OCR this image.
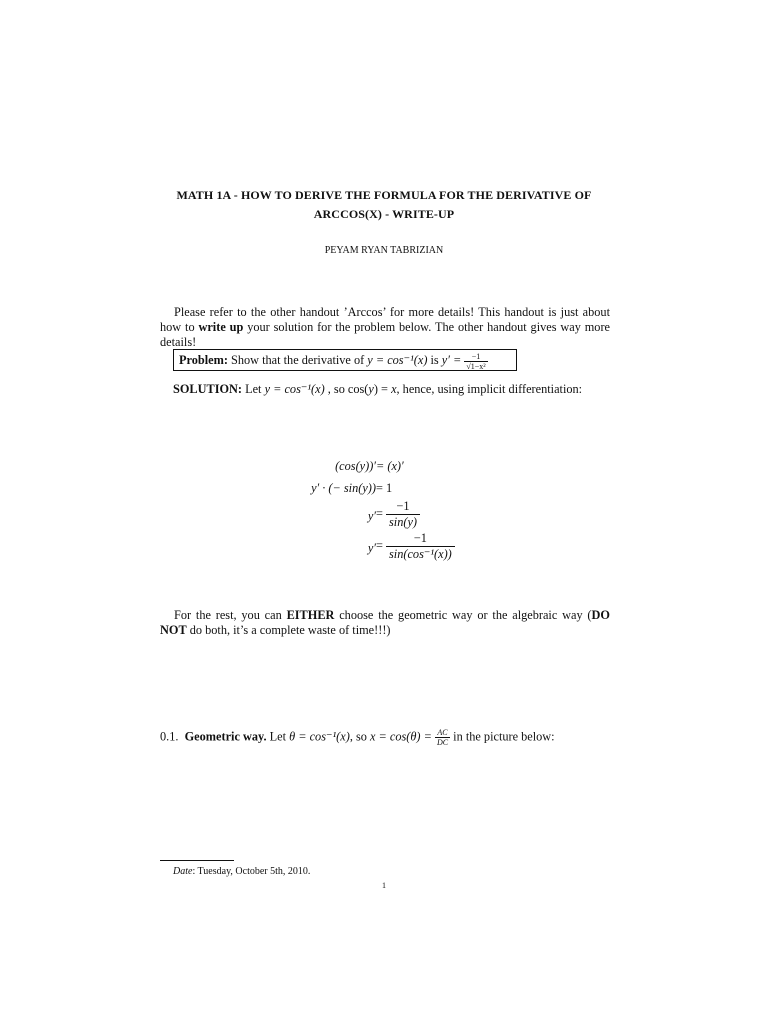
MATH 1A - HOW TO DERIVE THE FORMULA FOR THE DERIVATIVE OF
ARCCOS(X) - WRITE-UP
PEYAM RYAN TABRIZIAN
Please refer to the other handout ’Arccos’ for more details! This handout is just about how to write up your solution for the problem below. The other handout gives way more details!
Problem: Show that the derivative of y = cos⁻¹(x) is $y' = \frac{-1}{\text{√1−x²}}$
SOLUTION: Let y = cos⁻¹(x) , so cos(y) = x, hence, using implicit differentiation:
(cos(y))′ = (x)′
y′ · (− sin(y)) = 1
$y' = \frac{-1}{\sin(y)}$
$y' = \frac{-1}{\text{sin(cos⁻¹(x))}}$
For the rest, you can EITHER choose the geometric way or the algebraic way (DO NOT do both, it’s a complete waste of time!!!)
0.1. Geometric way. Let θ = cos⁻¹(x), so $x = \cos(\theta) = \frac{AC}{DC}$ in the picture below:
Date: Tuesday, October 5th, 2010.
1
